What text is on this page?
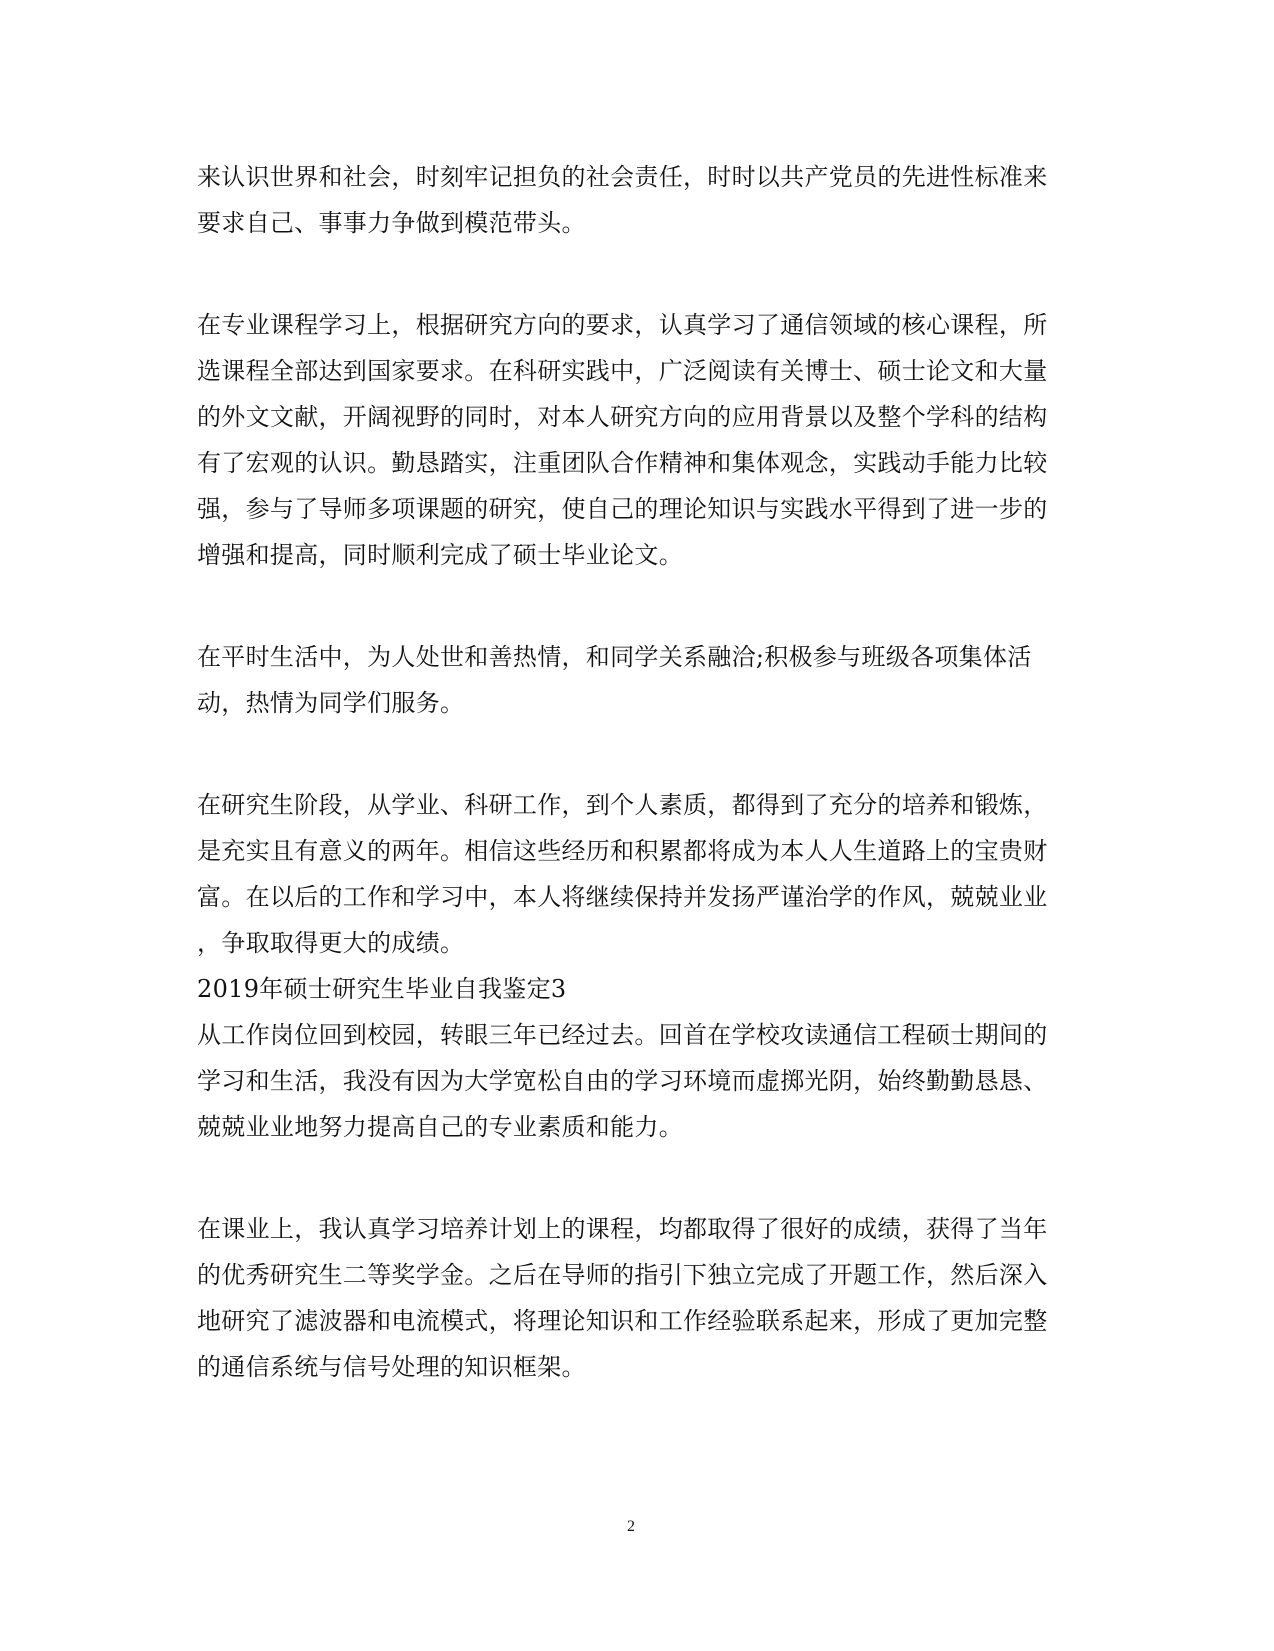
来认识世界和社会，时刻牢记担负的社会责任，时时以共产党员的先进性标准来
要求自己、事事力争做到模范带头。
在专业课程学习上，根据研究方向的要求，认真学习了通信领域的核心课程，所
选课程全部达到国家要求。在科研实践中，广泛阅读有关博士、硕士论文和大量
的外文文献，开阔视野的同时，对本人研究方向的应用背景以及整个学科的结构
有了宏观的认识。勤恳踏实，注重团队合作精神和集体观念，实践动手能力比较
强，参与了导师多项课题的研究，使自己的理论知识与实践水平得到了进一步的
增强和提高，同时顺利完成了硕士毕业论文。
在平时生活中，为人处世和善热情，和同学关系融洽;积极参与班级各项集体活
动，热情为同学们服务。
在研究生阶段，从学业、科研工作，到个人素质，都得到了充分的培养和锻炼，
是充实且有意义的两年。相信这些经历和积累都将成为本人人生道路上的宝贵财
富。在以后的工作和学习中，本人将继续保持并发扬严谨治学的作风，兢兢业业
，争取取得更大的成绩。
2019年硕士研究生毕业自我鉴定3
从工作岗位回到校园，转眼三年已经过去。回首在学校攻读通信工程硕士期间的
学习和生活，我没有因为大学宽松自由的学习环境而虚掷光阴，始终勤勤恳恳、
兢兢业业地努力提高自己的专业素质和能力。
在课业上，我认真学习培养计划上的课程，均都取得了很好的成绩，获得了当年
的优秀研究生二等奖学金。之后在导师的指引下独立完成了开题工作，然后深入
地研究了滤波器和电流模式，将理论知识和工作经验联系起来，形成了更加完整
的通信系统与信号处理的知识框架。
2
